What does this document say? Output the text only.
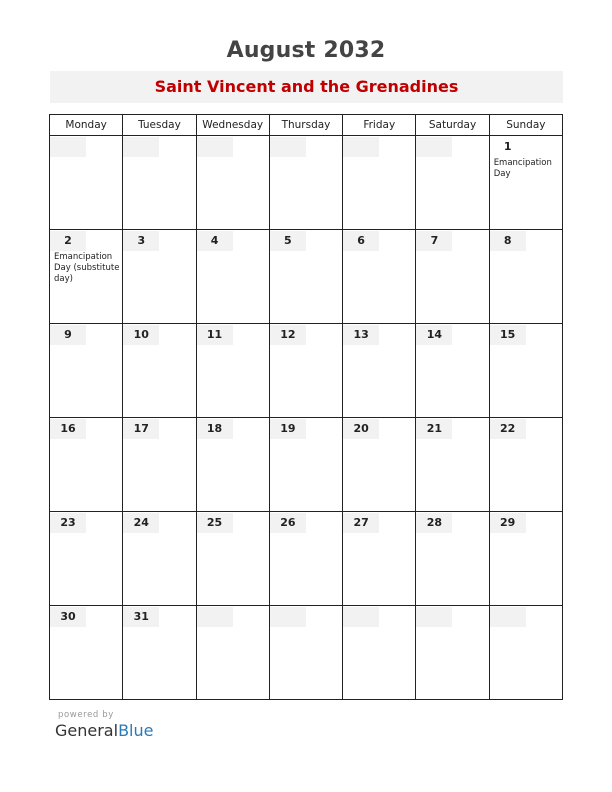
August 2032
Saint Vincent and the Grenadines
Monday	Tuesday	Wednesday	Thursday	Friday	Saturday	Sunday

						1
Emancipation Day

2
Emancipation Day (substitute day)	3	4	5	6	7	8

9	10	11	12	13	14	15

16	17	18	19	20	21	22

23	24	25	26	27	28	29

30	31					

powered by
GeneralBlue
